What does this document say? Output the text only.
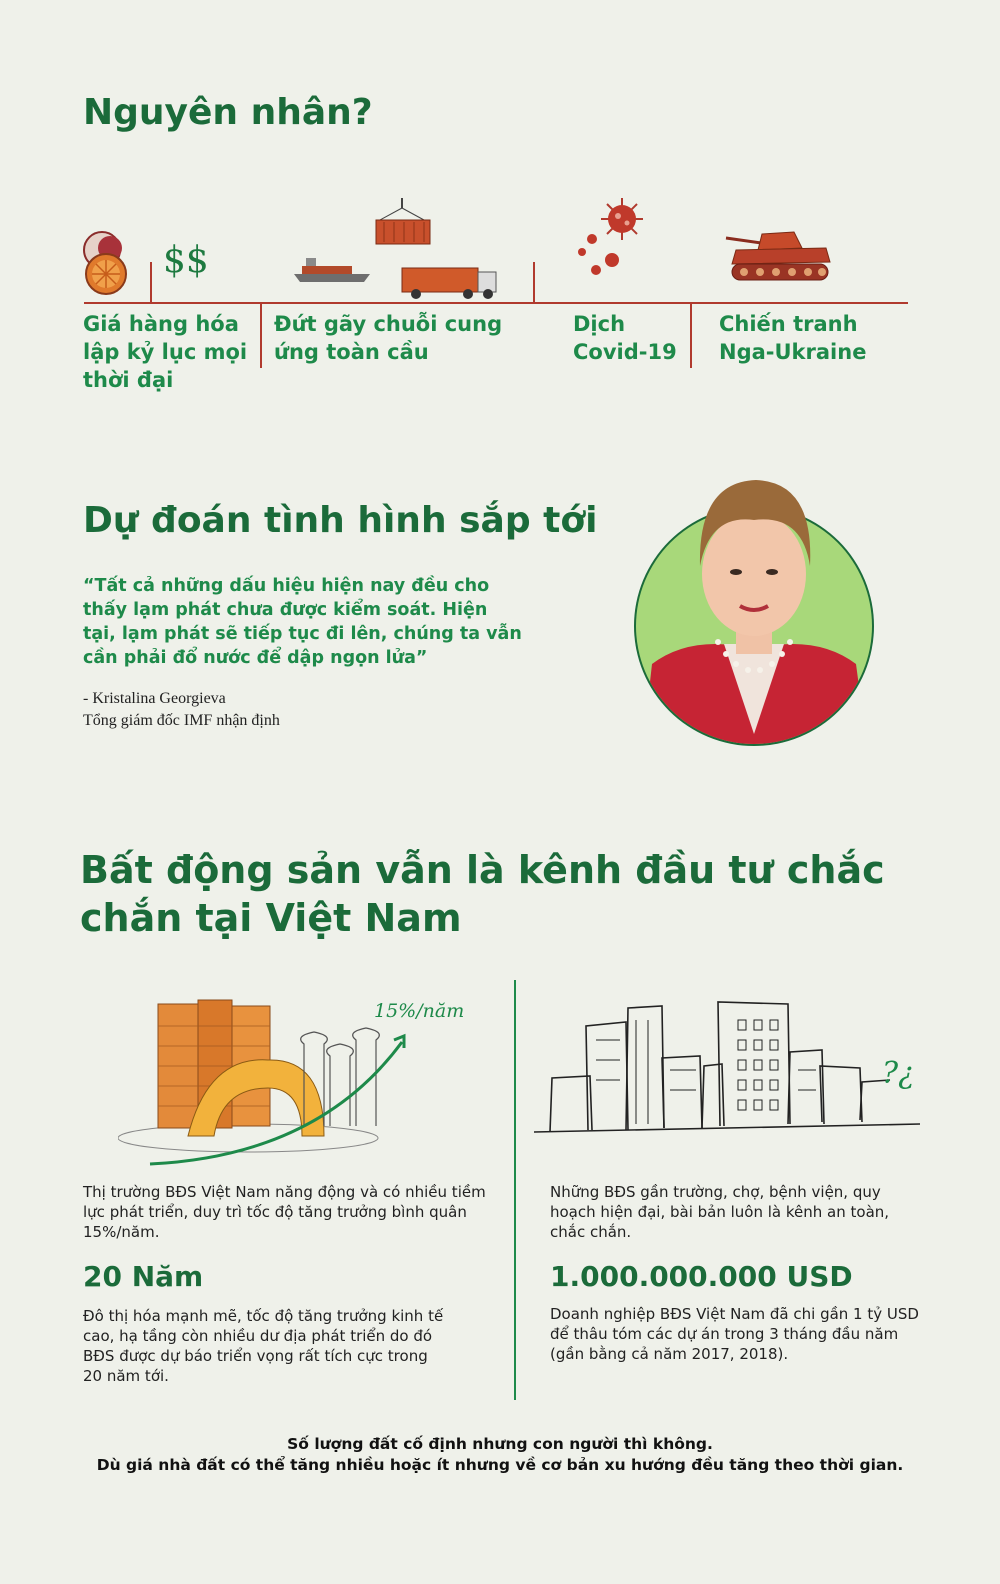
Nguyên nhân?
$$
Giá hàng hóa lập kỷ lục mọi thời đại
Đứt gãy chuỗi cung ứng toàn cầu
Dịch Covid-19
Chiến tranh Nga-Ukraine
Dự đoán tình hình sắp tới
“Tất cả những dấu hiệu hiện nay đều cho thấy lạm phát chưa được kiểm soát. Hiện tại, lạm phát sẽ tiếp tục đi lên, chúng ta vẫn cần phải đổ nước để dập ngọn lửa”
- Kristalina Georgieva
Tổng giám đốc IMF nhận định
Bất động sản vẫn là kênh đầu tư chắc chắn tại Việt Nam
15%/năm
?¿
Thị trường BĐS Việt Nam năng động và có nhiều tiềm lực phát triển, duy trì tốc độ tăng trưởng bình quân 15%/năm.
20 Năm
Đô thị hóa mạnh mẽ, tốc độ tăng trưởng kinh tế cao, hạ tầng còn nhiều dư địa phát triển do đó BĐS được dự báo triển vọng rất tích cực trong 20 năm tới.
Những BĐS gần trường, chợ, bệnh viện, quy hoạch hiện đại, bài bản luôn là kênh an toàn, chắc chắn.
1.000.000.000 USD
Doanh nghiệp BĐS Việt Nam đã chi gần 1 tỷ USD để thâu tóm các dự án trong 3 tháng đầu năm (gần bằng cả năm 2017, 2018).
Số lượng đất cố định nhưng con người thì không.
Dù giá nhà đất có thể tăng nhiều hoặc ít nhưng về cơ bản xu hướng đều tăng theo thời gian.
